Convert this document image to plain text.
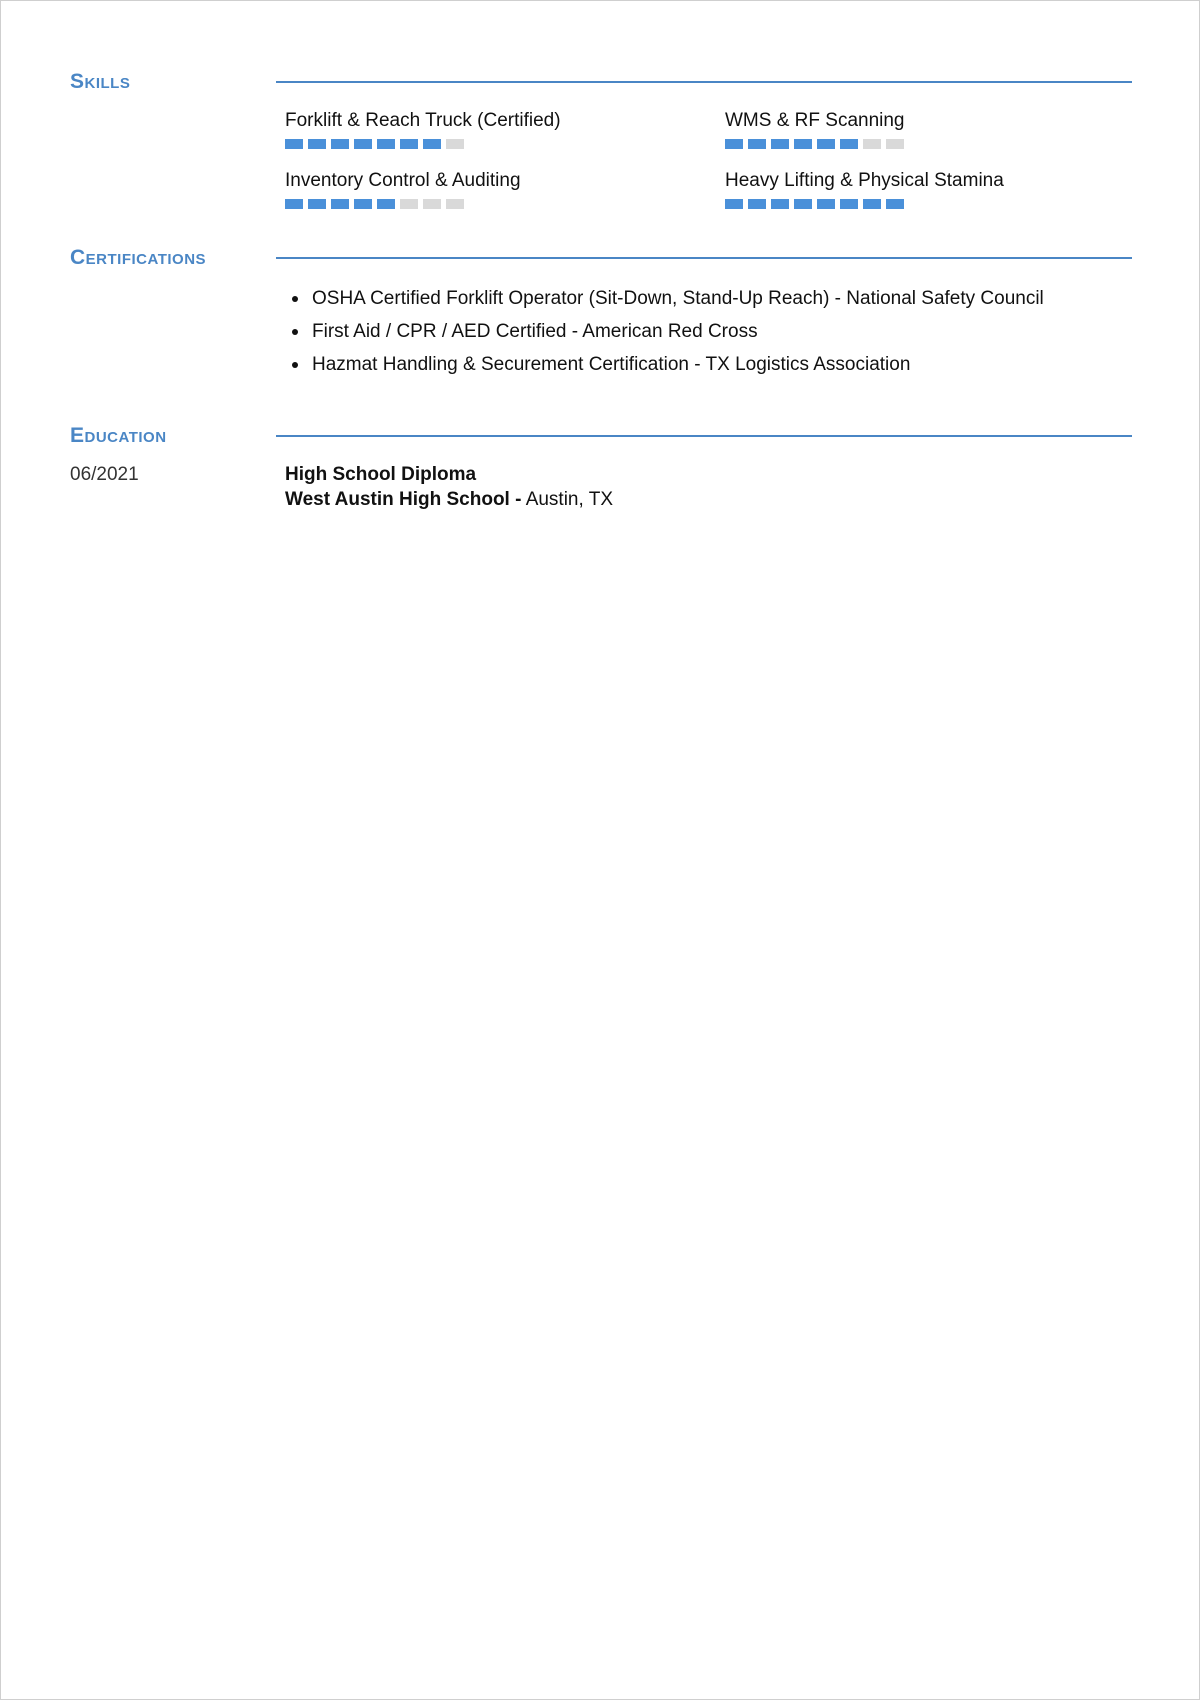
Skills
Forklift & Reach Truck (Certified)	WMS & RF Scanning
Inventory Control & Auditing	Heavy Lifting & Physical Stamina
Certifications
OSHA Certified Forklift Operator (Sit-Down, Stand-Up Reach) - National Safety Council
First Aid / CPR / AED Certified - American Red Cross
Hazmat Handling & Securement Certification - TX Logistics Association
Education
06/2021	High School Diploma
West Austin High School - Austin, TX
